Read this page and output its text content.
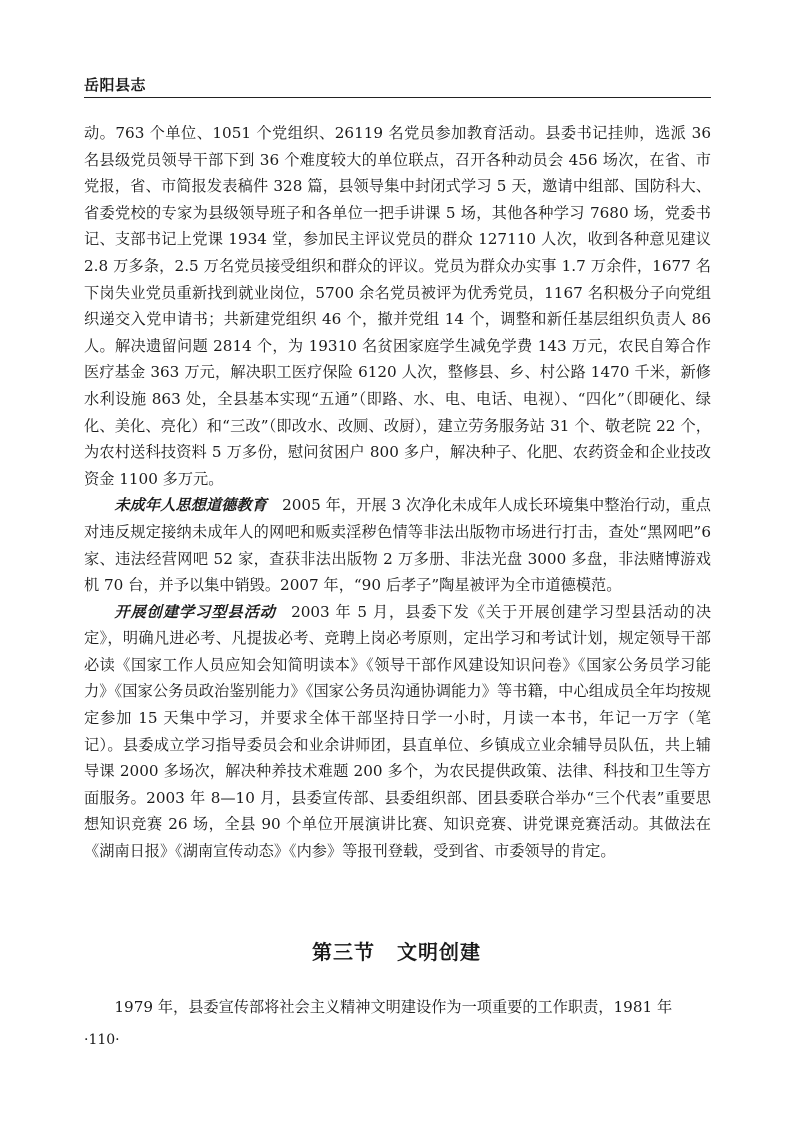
岳阳县志

动。763 个单位、1051 个党组织、26119 名党员参加教育活动。县委书记挂帅，选派 36 名县级党员领导干部下到 36 个难度较大的单位联点，召开各种动员会 456 场次，在省、市党报，省、市简报发表稿件 328 篇，县领导集中封闭式学习 5 天，邀请中组部、国防科大、省委党校的专家为县级领导班子和各单位一把手讲课 5 场，其他各种学习 7680 场，党委书记、支部书记上党课 1934 堂，参加民主评议党员的群众 127110 人次，收到各种意见建议 2.8 万多条，2.5 万名党员接受组织和群众的评议。党员为群众办实事 1.7 万余件，1677 名下岗失业党员重新找到就业岗位，5700 余名党员被评为优秀党员，1167 名积极分子向党组织递交入党申请书；共新建党组织 46 个，撤并党组 14 个，调整和新任基层组织负责人 86 人。解决遗留问题 2814 个，为 19310 名贫困家庭学生减免学费 143 万元，农民自筹合作医疗基金 363 万元，解决职工医疗保险 6120 人次，整修县、乡、村公路 1470 千米，新修水利设施 863 处，全县基本实现“五通”（即路、水、电、电话、电视）、“四化”（即硬化、绿化、美化、亮化）和“三改”（即改水、改厕、改厨），建立劳务服务站 31 个、敬老院 22 个，为农村送科技资料 5 万多份，慰问贫困户 800 多户，解决种子、化肥、农药资金和企业技改资金 1100 多万元。

未成年人思想道德教育 2005 年，开展 3 次净化未成年人成长环境集中整治行动，重点对违反规定接纳未成年人的网吧和贩卖淫秽色情等非法出版物市场进行打击，查处“黑网吧”6 家、违法经营网吧 52 家，查获非法出版物 2 万多册、非法光盘 3000 多盘，非法赌博游戏机 70 台，并予以集中销毁。2007 年，“90 后孝子”陶星被评为全市道德模范。

开展创建学习型县活动 2003 年 5 月，县委下发《关于开展创建学习型县活动的决定》，明确凡进必考、凡提拔必考、竞聘上岗必考原则，定出学习和考试计划，规定领导干部必读《国家工作人员应知会知简明读本》《领导干部作风建设知识问卷》《国家公务员学习能力》《国家公务员政治鉴别能力》《国家公务员沟通协调能力》等书籍，中心组成员全年均按规定参加 15 天集中学习，并要求全体干部坚持日学一小时，月读一本书，年记一万字（笔记）。县委成立学习指导委员会和业余讲师团，县直单位、乡镇成立业余辅导员队伍，共上辅导课 2000 多场次，解决种养技术难题 200 多个，为农民提供政策、法律、科技和卫生等方面服务。2003 年 8—10 月，县委宣传部、县委组织部、团县委联合举办“三个代表”重要思想知识竞赛 26 场，全县 90 个单位开展演讲比赛、知识竞赛、讲党课竞赛活动。其做法在《湖南日报》《湖南宣传动态》《内参》等报刊登载，受到省、市委领导的肯定。

第三节 文明创建
1979 年，县委宣传部将社会主义精神文明建设作为一项重要的工作职责，1981 年
·110·
